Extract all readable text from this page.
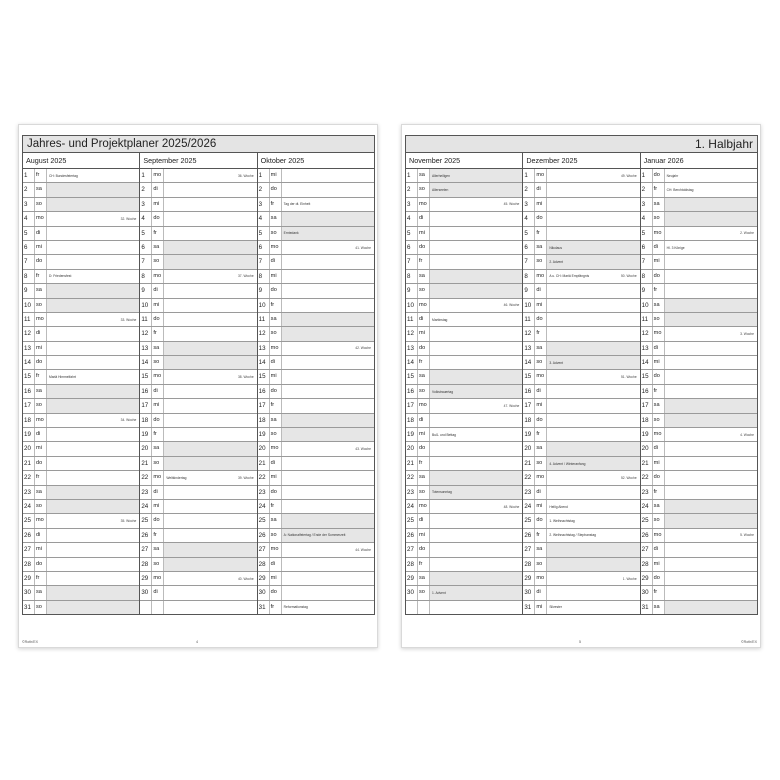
Jahres- und Projektplaner 2025/2026
August 2025
1	fr	CH: Bundesfeiertag
2	sa
3	so
4	mo	32. Woche
5	di
6	mi
7	do
8	fr	D: Friedensfest
9	sa
10 so
11 mo	33. Woche
12 di
13 mi
14 do
15 fr	Mariä Himmelfahrt
16 sa
17 so
18 mo	34. Woche
19 di
20 mi
21 do
22 fr
23 sa
24 so
25 mo	35. Woche
26 di
27 mi
28 do
29 fr
30 sa
31 so
September 2025
1	mo	36. Woche
2	di
3	mi
4	do
5	fr
6	sa
7	so
8	mo	37. Woche
9	di
10 mi
11 do
12 fr
13 sa
14 so
15 mo	38. Woche
16 di
17 mi
18 do
19 fr
20 sa
21 so
22 mo	Weltkindertag	39. Woche
23 di
24 mi
25 do
26 fr
27 sa
28 so
29 mo	40. Woche
30 di
Oktober 2025
1	mi
2	do
3	fr	Tag der dt. Einheit
4	sa
5	so	Erntedank
6	mo	41. Woche
7	di
8	mi
9	do
10 fr
11 sa
12 so
13 mo	42. Woche
14 di
15 mi
16 do
17 fr
18 sa
19 so
20 mo	43. Woche
21 di
22 mi
23 do
24 fr
25 sa
26 so	A: Nationalfeiertag / Ende der Sommerzeit
27 mo	44. Woche
28 di
29 mi
30 do
31 fr	Reformationstag
©Roth/EX	4
1. Halbjahr
November 2025
1	sa	Allerheiligen
2	so	Allerseelen
3	mo	45. Woche
4	di
5	mi
6	do
7	fr
8	sa
9	so
10 mo	46. Woche
11 di	Martinstag
12 mi
13 do
14 fr
15 sa
16 so	Volkstrauertag
17 mo	47. Woche
18 di
19 mi	Buß- und Bettag
20 do
21 fr
22 sa
23 so	Totensonntag
24 mo	48. Woche
25 di
26 mi
27 do
28 fr
29 sa
30 so	1. Advent
Dezember 2025
1	mo	49. Woche
2	di
3	mi
4	do
5	fr
6	sa	Nikolaus
7	so	2. Advent
8	mo	A u. CH: Mariä Empfängnis	50. Woche
9	di
10 mi
11 do
12 fr
13 sa
14 so	3. Advent
15 mo	51. Woche
16 di
17 mi
18 do
19 fr
20 sa
21 so	4. Advent / Winteranfang
22 mo	52. Woche
23 di
24 mi	Heilig Abend
25 do	1. Weihnachtstag
26 fr	2. Weihnachtstag / Stephanstag
27 sa
28 so
29 mo	1. Woche
30 di
31 mi	Silvester
Januar 2026
1	do	Neujahr
2	fr	CH: Berchtoldstag
3	sa
4	so
5	mo	2. Woche
6	di	Hl. 3 Könige
7	mi
8	do
9	fr
10 sa
11 so
12 mo	3. Woche
13 di
14 mi
15 do
16 fr
17 sa
18 so
19 mo	4. Woche
20 di
21 mi
22 do
23 fr
24 sa
25 so
26 mo	5. Woche
27 di
28 mi
29 do
30 fr
31 sa
5	©Roth/EX
